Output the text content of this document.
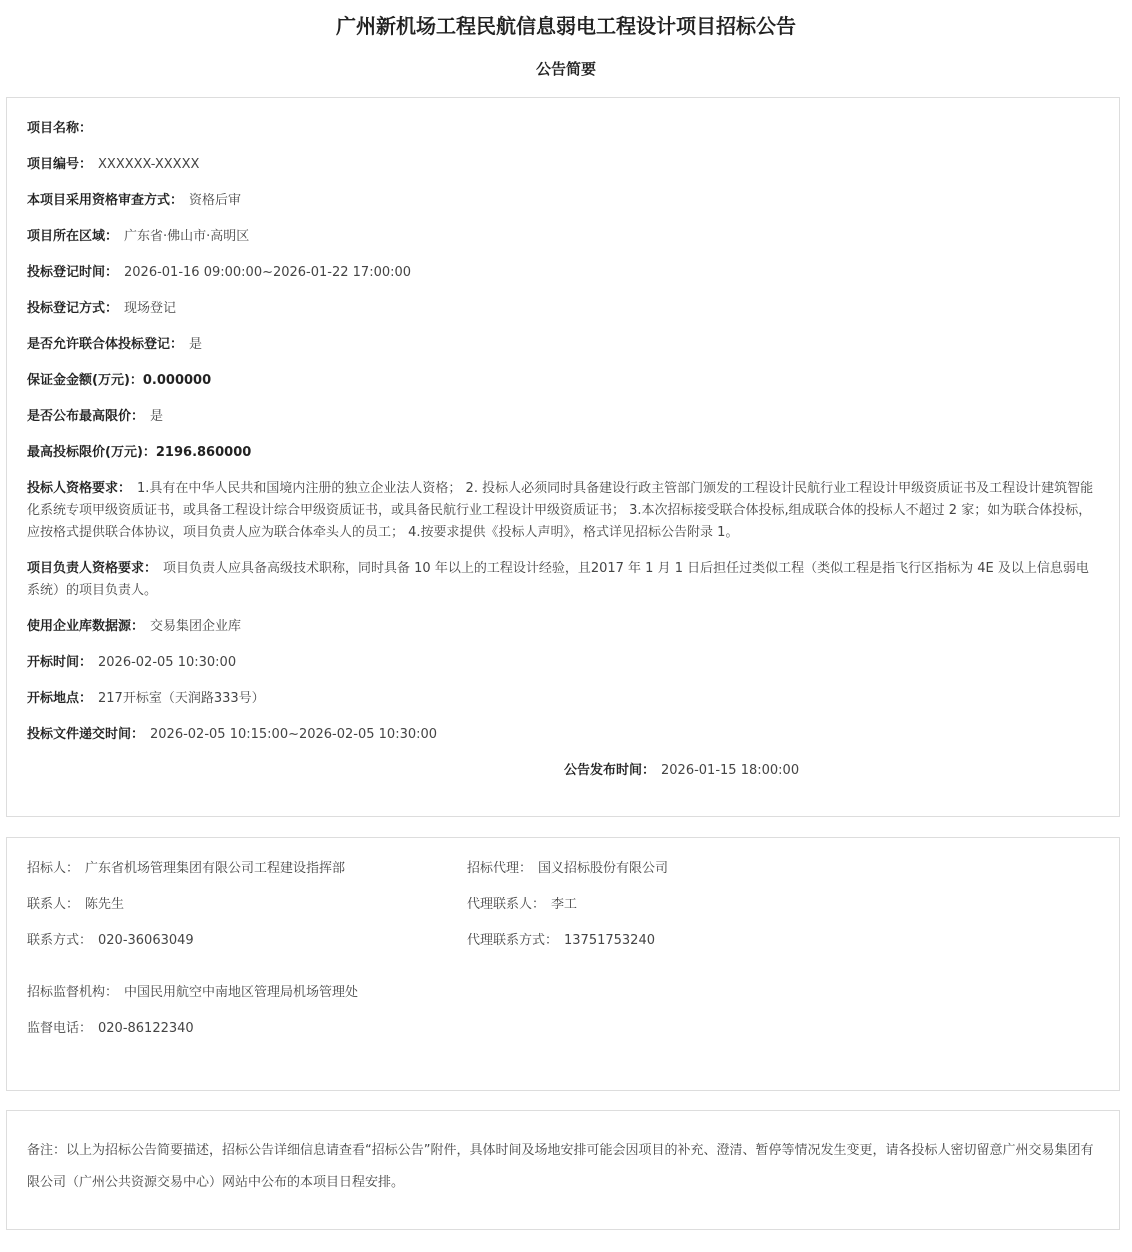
广州新机场工程民航信息弱电工程设计项目招标公告
公告简要
项目名称：
项目编号： XXXXXX-XXXXX
本项目采用资格审查方式： 资格后审
项目所在区域： 广东省·佛山市·高明区
投标登记时间： 2026-01-16 09:00:00~2026-01-22 17:00:00
投标登记方式： 现场登记
是否允许联合体投标登记： 是
保证金金额(万元)：0.000000
是否公布最高限价： 是
最高投标限价(万元)：2196.860000
投标人资格要求： 1.具有在中华人民共和国境内注册的独立企业法人资格； 2. 投标人必须同时具备建设行政主管部门颁发的工程设计民航行业工程设计甲级资质证书及工程设计建筑智能化系统专项甲级资质证书，或具备工程设计综合甲级资质证书，或具备民航行业工程设计甲级资质证书； 3.本次招标接受联合体投标,组成联合体的投标人不超过 2 家；如为联合体投标，应按格式提供联合体协议，项目负责人应为联合体牵头人的员工； 4.按要求提供《投标人声明》，格式详见招标公告附录 1。
项目负责人资格要求： 项目负责人应具备高级技术职称，同时具备 10 年以上的工程设计经验，且2017 年 1 月 1 日后担任过类似工程（类似工程是指飞行区指标为 4E 及以上信息弱电系统）的项目负责人。
使用企业库数据源： 交易集团企业库
开标时间： 2026-02-05 10:30:00
开标地点： 217开标室（天润路333号）
投标文件递交时间： 2026-02-05 10:15:00~2026-02-05 10:30:00
公告发布时间： 2026-01-15 18:00:00
招标人： 广东省机场管理集团有限公司工程建设指挥部	招标代理： 国义招标股份有限公司
联系人： 陈先生	代理联系人： 李工
联系方式： 020-36063049	代理联系方式： 13751753240
招标监督机构： 中国民用航空中南地区管理局机场管理处
监督电话： 020-86122340
备注：以上为招标公告简要描述，招标公告详细信息请查看“招标公告”附件，具体时间及场地安排可能会因项目的补充、澄清、暂停等情况发生变更，请各投标人密切留意广州交易集团有限公司（广州公共资源交易中心）网站中公布的本项目日程安排。
